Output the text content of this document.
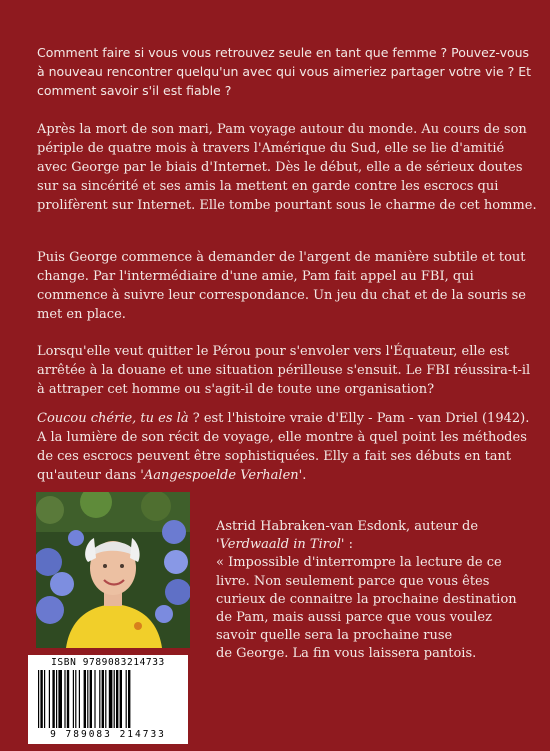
Comment faire si vous vous retrouvez seule en tant que femme ? Pouvez-vous à nouveau rencontrer quelqu'un avec qui vous aimeriez partager votre vie ? Et comment savoir s'il est fiable ?

Après la mort de son mari, Pam voyage autour du monde. Au cours de son périple de quatre mois à travers l'Amérique du Sud, elle se lie d'amitié avec George par le biais d'Internet. Dès le début, elle a de sérieux doutes sur sa sincérité et ses amis la mettent en garde contre les escrocs qui prolifèrent sur Internet. Elle tombe pourtant sous le charme de cet homme.

Puis George commence à demander de l'argent de manière subtile et tout change. Par l'intermédiaire d'une amie, Pam fait appel au FBI, qui commence à suivre leur correspondance. Un jeu du chat et de la souris se met en place.

Lorsqu'elle veut quitter le Pérou pour s'envoler vers l'Équateur, elle est arrêtée à la douane et une situation périlleuse s'ensuit. Le FBI réussira-t-il à attraper cet homme ou s'agit-il de toute une organisation?

Coucou chérie, tu es là ? est l'histoire vraie d'Elly - Pam - van Driel (1942). A la lumière de son récit de voyage, elle montre à quel point les méthodes de ces escrocs peuvent être sophistiquées. Elly a fait ses débuts en tant qu'auteur dans 'Aangespoelde Verhalen'.

Astrid Habraken-van Esdonk, auteur de
'Verdwaald in Tirol' :
« Impossible d'interrompre la lecture de ce
livre. Non seulement parce que vous êtes
curieux de connaitre la prochaine destination
de Pam, mais aussi parce que vous voulez
savoir quelle sera la prochaine ruse
de George. La fin vous laissera pantois.

ISBN 9789083214733
9 789083 214733
